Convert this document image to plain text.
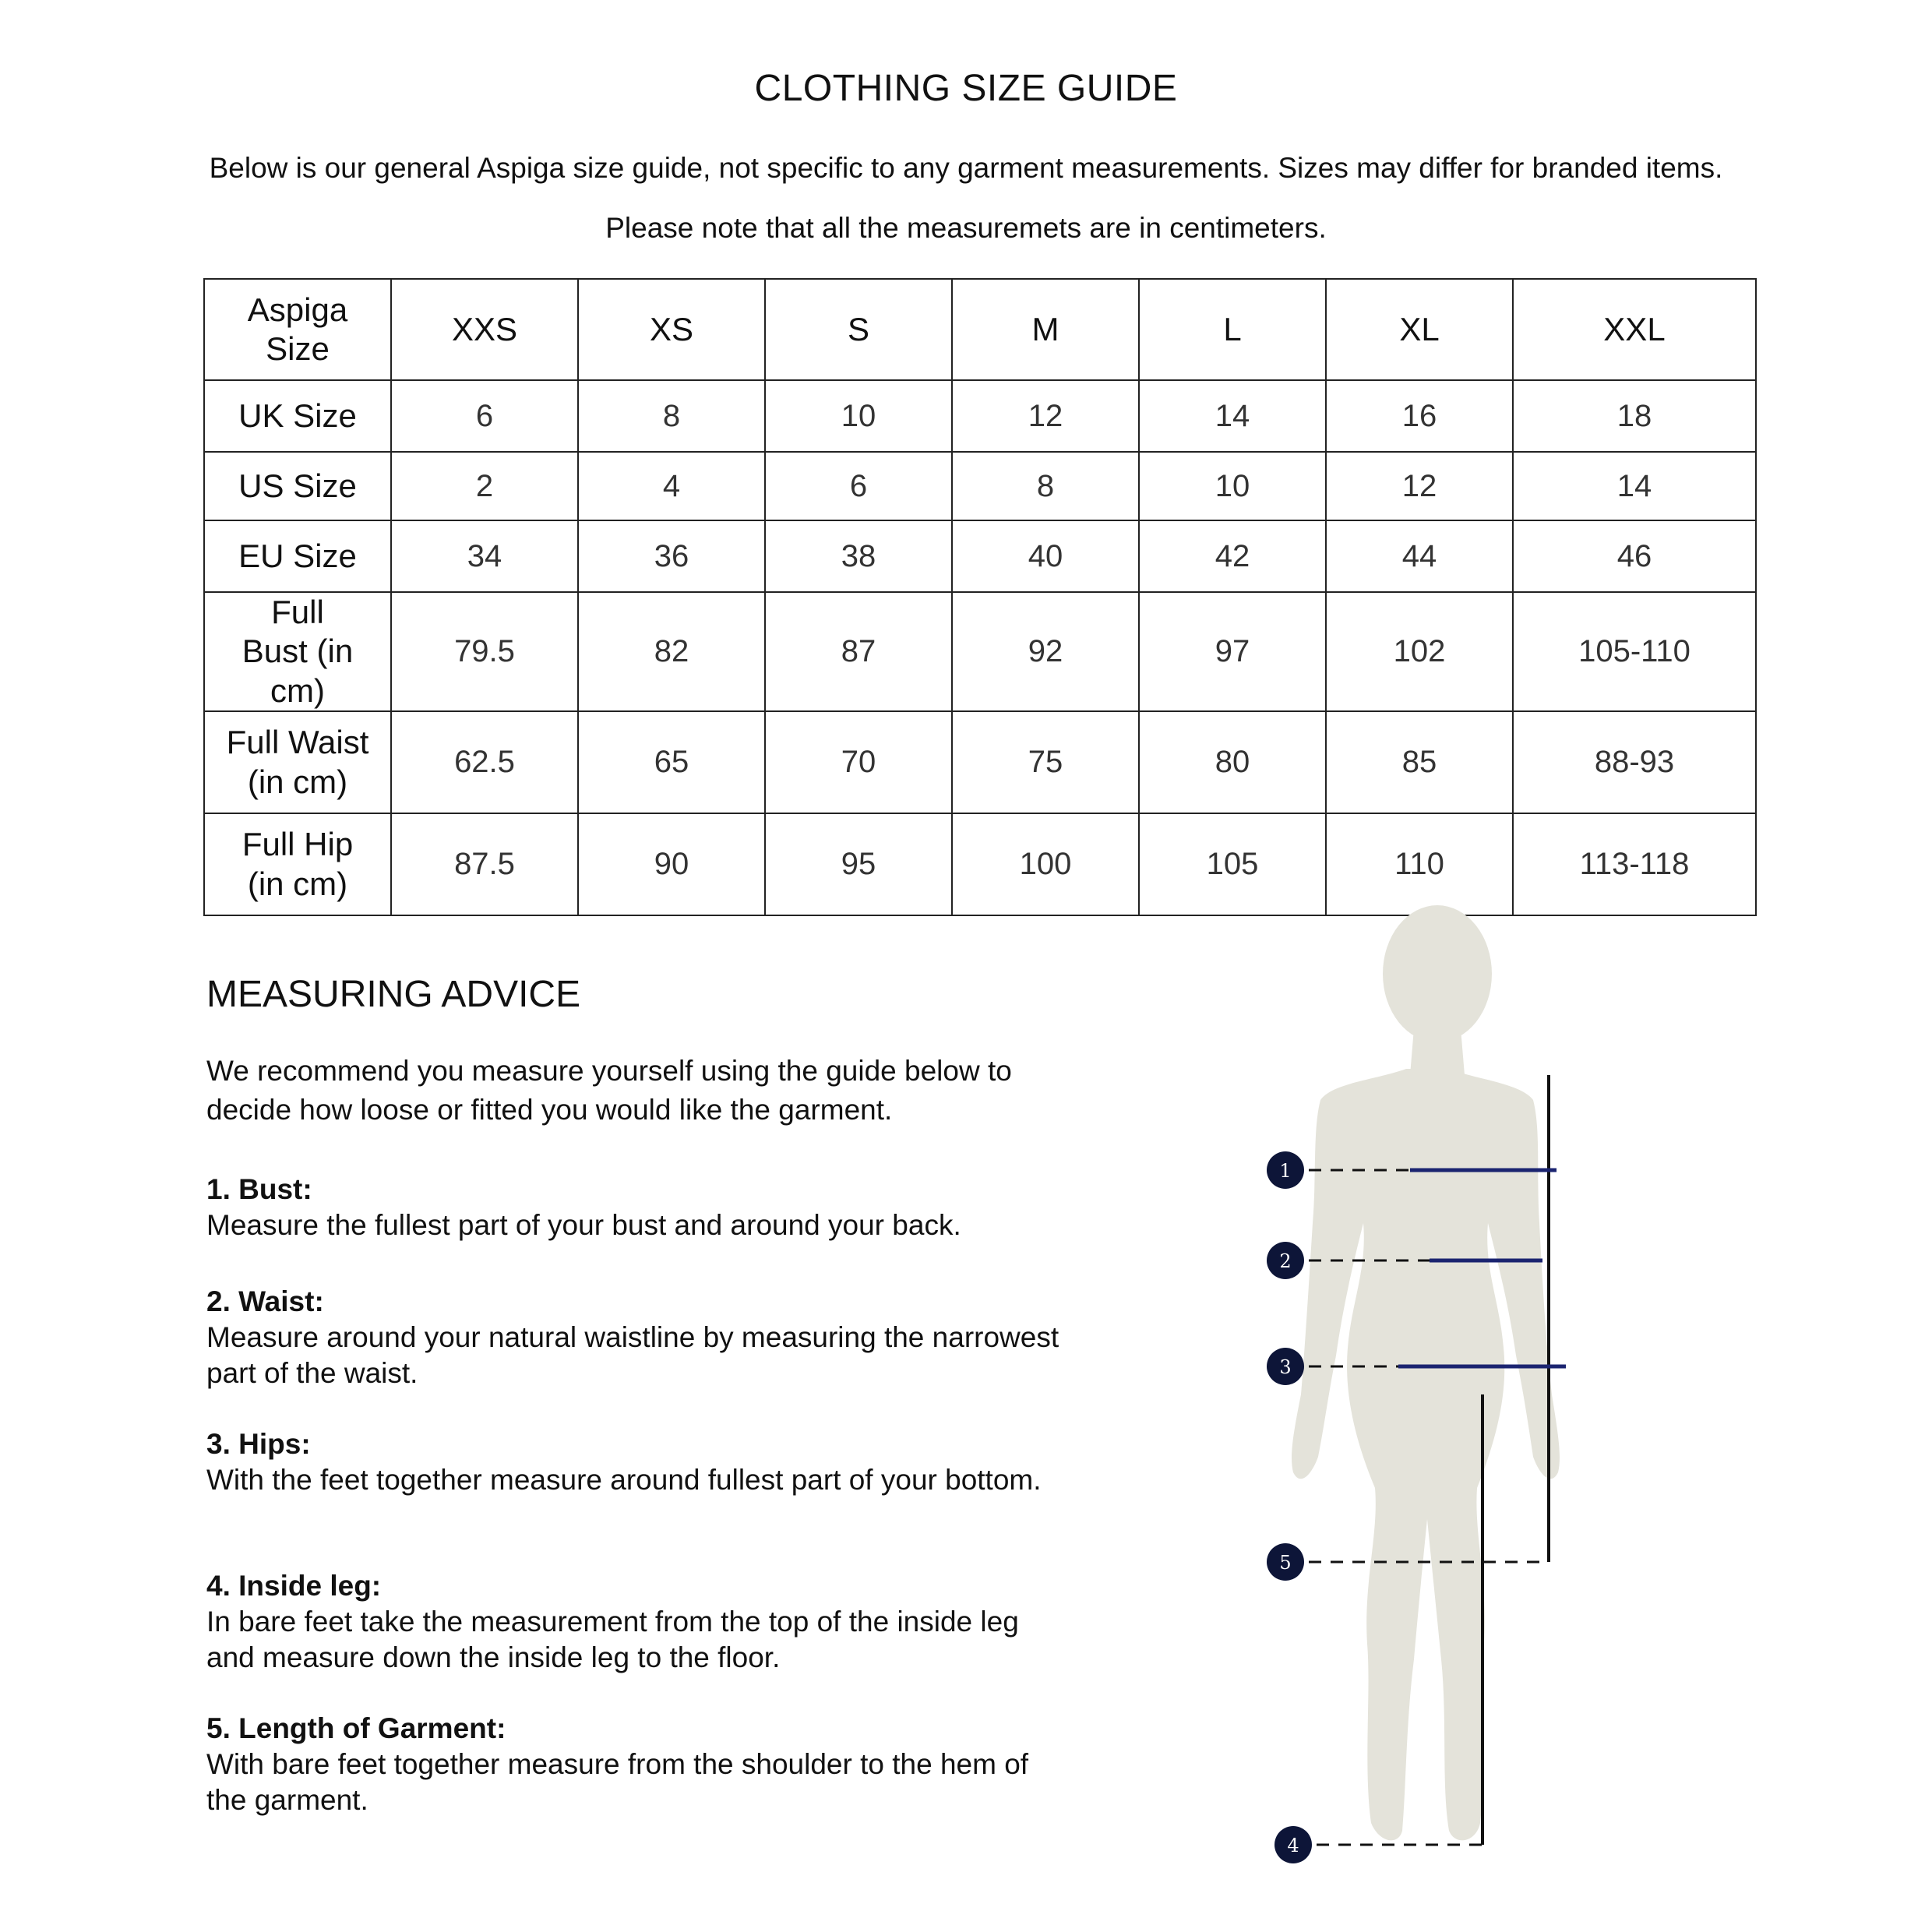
CLOTHING SIZE GUIDE
Below is our general Aspiga size guide, not specific to any garment measurements. Sizes may differ for branded items.
Please note that all the measuremets are in centimeters.
Aspiga Size	XXS	XS	S	M	L	XL	XXL
UK Size	6	8	10	12	14	16	18
US Size	2	4	6	8	10	12	14
EU Size	34	36	38	40	42	44	46
Full Bust (in cm)	79.5	82	87	92	97	102	105-110
Full Waist (in cm)	62.5	65	70	75	80	85	88-93
Full Hip (in cm)	87.5	90	95	100	105	110	113-118
MEASURING ADVICE
We recommend you measure yourself using the guide below to decide how loose or fitted you would like the garment.
1. Bust:
Measure the fullest part of your bust and around your back.
2. Waist:
Measure around your natural waistline by measuring the narrowest part of the waist.
3. Hips:
With the feet together measure around fullest part of your bottom.
4. Inside leg:
In bare feet take the measurement from the top of the inside leg and measure down the inside leg to the floor.
5. Length of Garment:
With bare feet together measure from the shoulder to the hem of the garment.
1
2
3
5
4
